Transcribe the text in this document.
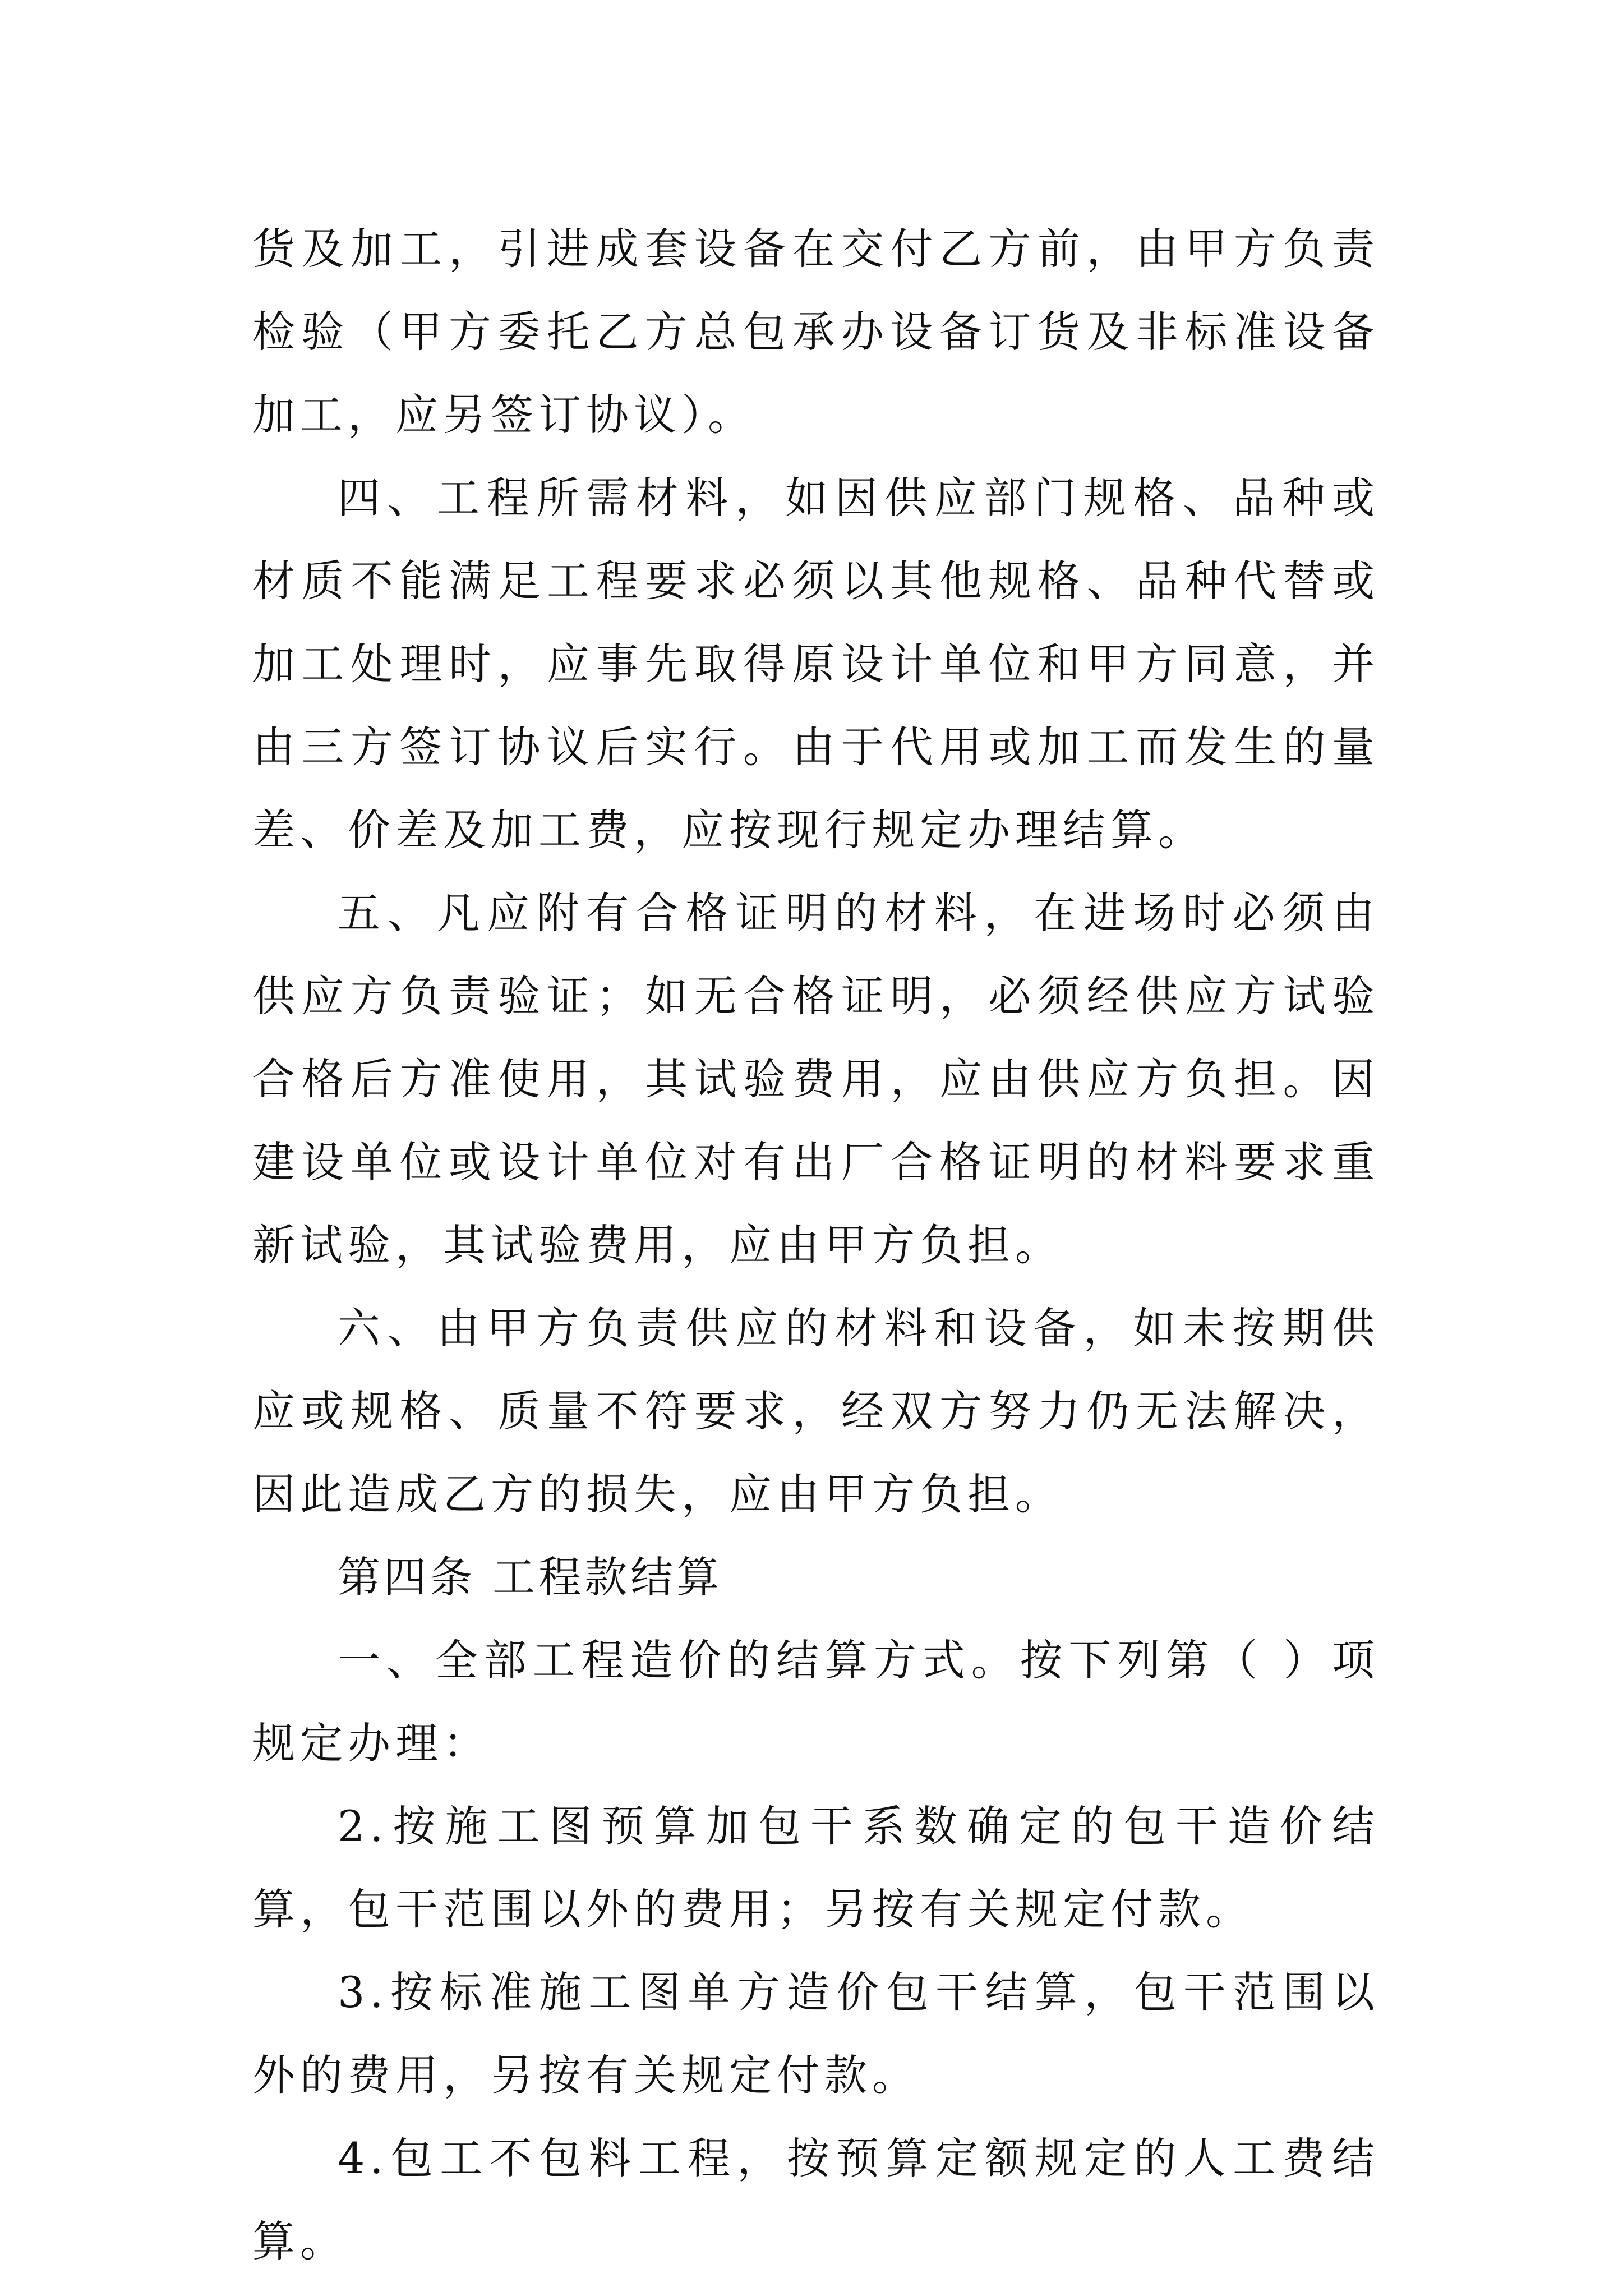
货及加工，引进成套设备在交付乙方前，由甲方负责检验（甲方委托乙方总包承办设备订货及非标准设备加工，应另签订协议）。

四、工程所需材料，如因供应部门规格、品种或材质不能满足工程要求必须以其他规格、品种代替或加工处理时，应事先取得原设计单位和甲方同意，并由三方签订协议后实行。由于代用或加工而发生的量差、价差及加工费，应按现行规定办理结算。

五、凡应附有合格证明的材料，在进场时必须由供应方负责验证；如无合格证明，必须经供应方试验合格后方准使用，其试验费用，应由供应方负担。因建设单位或设计单位对有出厂合格证明的材料要求重新试验，其试验费用，应由甲方负担。

六、由甲方负责供应的材料和设备，如未按期供应或规格、质量不符要求，经双方努力仍无法解决，因此造成乙方的损失，应由甲方负担。

第四条 工程款结算

一、全部工程造价的结算方式。按下列第（ ）项规定办理：

2.按施工图预算加包干系数确定的包干造价结算，包干范围以外的费用；另按有关规定付款。

3.按标准施工图单方造价包干结算，包干范围以外的费用，另按有关规定付款。

4.包工不包料工程，按预算定额规定的人工费结算。
